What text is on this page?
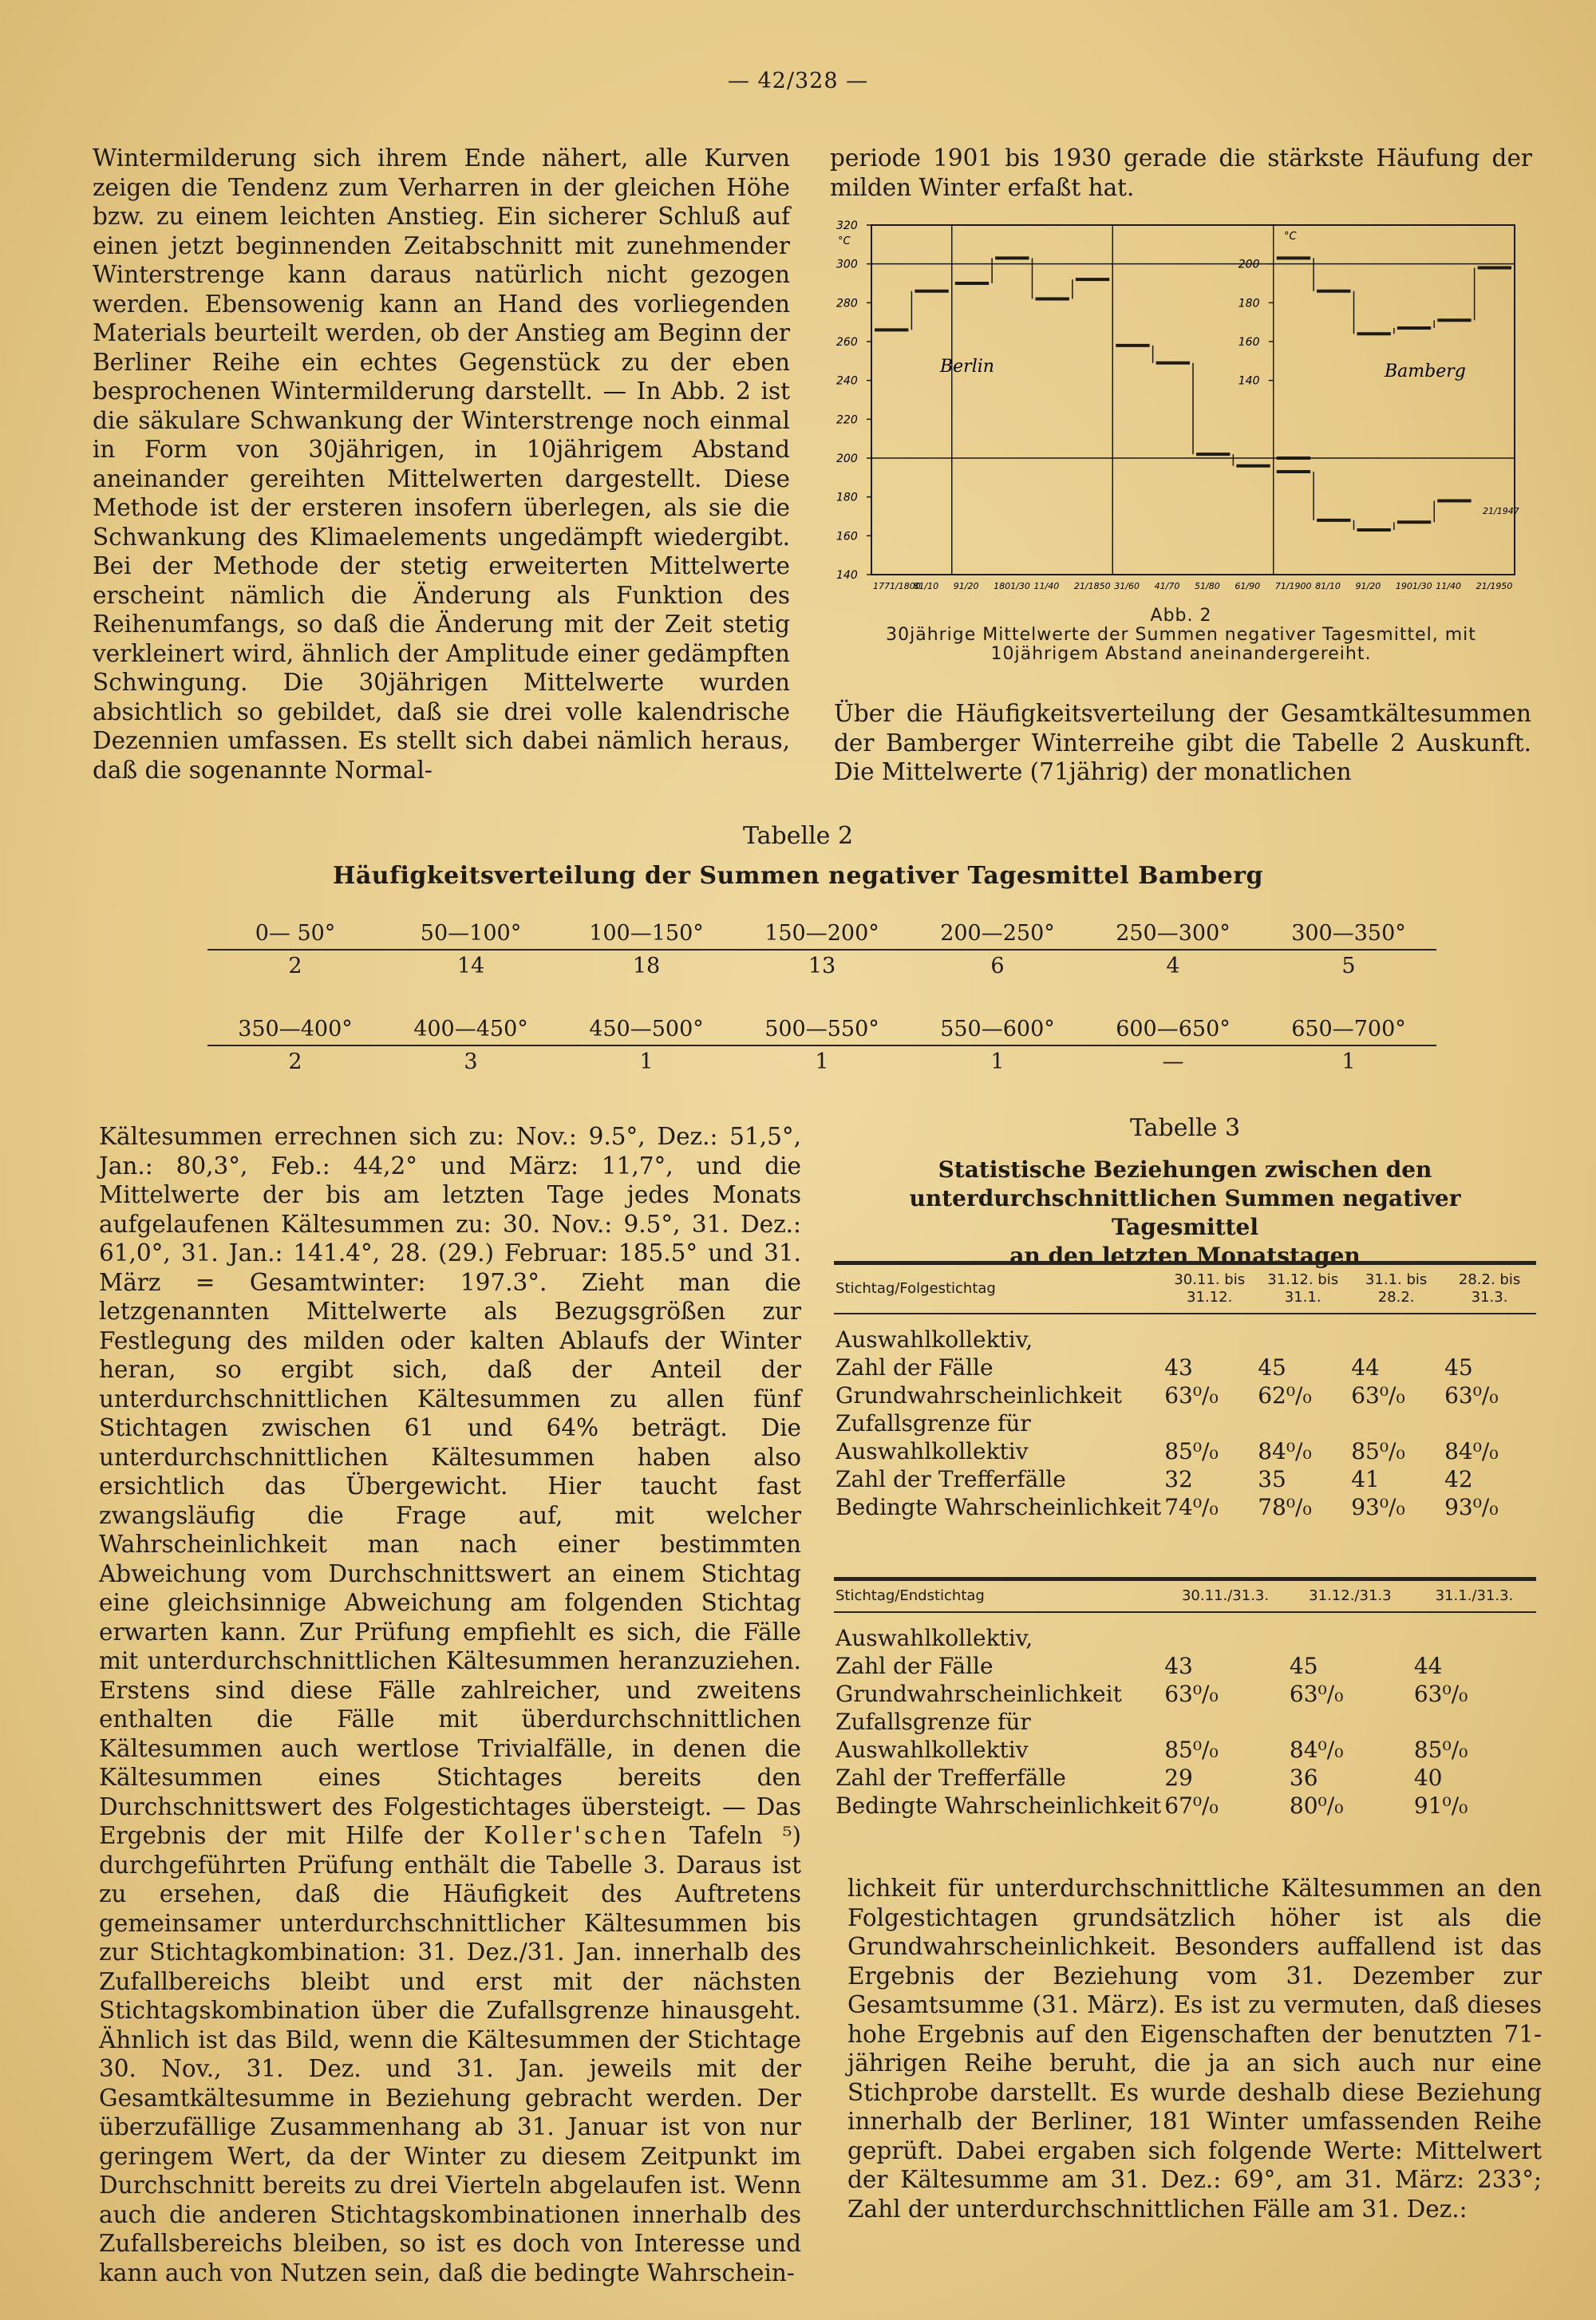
— 42/328 —

Wintermilderung sich ihrem Ende nähert, alle Kurven zeigen die Tendenz zum Verharren in der gleichen Höhe bzw. zu einem leichten Anstieg. Ein sicherer Schluß auf einen jetzt beginnenden Zeitabschnitt mit zunehmender Winterstrenge kann daraus natürlich nicht gezogen werden. Ebensowenig kann an Hand des vorliegenden Materials beurteilt werden, ob der Anstieg am Beginn der Berliner Reihe ein echtes Gegenstück zu der eben besprochenen Wintermilderung darstellt. — In Abb. 2 ist die säkulare Schwankung der Winterstrenge noch einmal in Form von 30jährigen, in 10jährigem Abstand aneinander gereihten Mittelwerten dargestellt. Diese Methode ist der ersteren insofern überlegen, als sie die Schwankung des Klimaelements ungedämpft wiedergibt. Bei der Methode der stetig erweiterten Mittelwerte erscheint nämlich die Änderung als Funktion des Reihenumfangs, so daß die Änderung mit der Zeit stetig verkleinert wird, ähnlich der Amplitude einer gedämpften Schwingung. Die 30jährigen Mittelwerte wurden absichtlich so gebildet, daß sie drei volle kalendrische Dezennien umfassen. Es stellt sich dabei nämlich heraus, daß die sogenannte Normal-

periode 1901 bis 1930 gerade die stärkste Häufung der milden Winter erfaßt hat.

320
300
280
260
240
220
200
180
160
140
200
180
160
140
1771/1800
81/10 91/20 1801/30 11/40 21/1850 31/60 41/70 51/80 61/90 71/1900 81/10 91/20 1901/30 11/40 21/1950
Berlin	Bamberg
°C	°C
21/1947
Abb. 2
30jährige Mittelwerte der Summen negativer Tagesmittel, mit
10jährigem Abstand aneinandergereiht.

Über die Häufigkeitsverteilung der Gesamtkältesummen der Bamberger Winterreihe gibt die Tabelle 2 Auskunft. Die Mittelwerte (71jährig) der monatlichen

Tabelle 2
Häufigkeitsverteilung der Summen negativer Tagesmittel Bamberg
0— 50°	50—100°	100—150°	150—200°	200—250°	250—300°	300—350°
2	14	18	13	6	4	5
350—400°	400—450°	450—500°	500—550°	550—600°	600—650°	650—700°
2	3	1	1	1	—	1

Kältesummen errechnen sich zu: Nov.: 9.5°, Dez.: 51,5°, Jan.: 80,3°, Feb.: 44,2° und März: 11,7°, und die Mittelwerte der bis am letzten Tage jedes Monats aufgelaufenen Kältesummen zu: 30. Nov.: 9.5°, 31. Dez.: 61,0°, 31. Jan.: 141.4°, 28. (29.) Februar: 185.5° und 31. März = Gesamtwinter: 197.3°. Zieht man die letzgenannten Mittelwerte als Bezugsgrößen zur Festlegung des milden oder kalten Ablaufs der Winter heran, so ergibt sich, daß der Anteil der unterdurchschnittlichen Kältesummen zu allen fünf Stichtagen zwischen 61 und 64% beträgt. Die unterdurchschnittlichen Kältesummen haben also ersichtlich das Übergewicht. Hier taucht fast zwangsläufig die Frage auf, mit welcher Wahrscheinlichkeit man nach einer bestimmten Abweichung vom Durchschnittswert an einem Stichtag eine gleichsinnige Abweichung am folgenden Stichtag erwarten kann. Zur Prüfung empfiehlt es sich, die Fälle mit unterdurchschnittlichen Kältesummen heranzuziehen. Erstens sind diese Fälle zahlreicher, und zweitens enthalten die Fälle mit überdurchschnittlichen Kältesummen auch wertlose Trivialfälle, in denen die Kältesummen eines Stichtages bereits den Durchschnittswert des Folgestichtages übersteigt. — Das Ergebnis der mit Hilfe der Koller'schen Tafeln ⁵) durchgeführten Prüfung enthält die Tabelle 3. Daraus ist zu ersehen, daß die Häufigkeit des Auftretens gemeinsamer unterdurchschnittlicher Kältesummen bis zur Stichtagkombination: 31. Dez./31. Jan. innerhalb des Zufallbereichs bleibt und erst mit der nächsten Stichtagskombination über die Zufallsgrenze hinausgeht. Ähnlich ist das Bild, wenn die Kältesummen der Stichtage 30. Nov., 31. Dez. und 31. Jan. jeweils mit der Gesamtkältesumme in Beziehung gebracht werden. Der überzufällige Zusammenhang ab 31. Januar ist von nur geringem Wert, da der Winter zu diesem Zeitpunkt im Durchschnitt bereits zu drei Vierteln abgelaufen ist. Wenn auch die anderen Stichtagskombinationen innerhalb des Zufallsbereichs bleiben, so ist es doch von Interesse und kann auch von Nutzen sein, daß die bedingte Wahrschein-

Tabelle 3
Statistische Beziehungen zwischen den
unterdurchschnittlichen Summen negativer Tagesmittel
an den letzten Monatstagen
Stichtag/Folgestichtag	30.11. bis 31.12.	31.12. bis 31.1.	31.1. bis 28.2.	28.2. bis 31.3.

Auswahlkollektiv,				
Zahl der Fälle	43	45	44	45
Grundwahrscheinlichkeit	63⁰/₀	62⁰/₀	63⁰/₀	63⁰/₀
Zufallsgrenze für				
Auswahlkollektiv	85⁰/₀	84⁰/₀	85⁰/₀	84⁰/₀
Zahl der Trefferfälle	32	35	41	42
Bedingte Wahrscheinlichkeit	74⁰/₀	78⁰/₀	93⁰/₀	93⁰/₀
Stichtag/Endstichtag	30.11./31.3.	31.12./31.3	31.1./31.3.

Auswahlkollektiv,			
Zahl der Fälle	43	45	44
Grundwahrscheinlichkeit	63⁰/₀	63⁰/₀	63⁰/₀
Zufallsgrenze für			
Auswahlkollektiv	85⁰/₀	84⁰/₀	85⁰/₀
Zahl der Trefferfälle	29	36	40
Bedingte Wahrscheinlichkeit	67⁰/₀	80⁰/₀	91⁰/₀

lichkeit für unterdurchschnittliche Kältesummen an den Folgestichtagen grundsätzlich höher ist als die Grundwahrscheinlichkeit. Besonders auffallend ist das Ergebnis der Beziehung vom 31. Dezember zur Gesamtsumme (31. März). Es ist zu vermuten, daß dieses hohe Ergebnis auf den Eigenschaften der benutzten 71-jährigen Reihe beruht, die ja an sich auch nur eine Stichprobe darstellt. Es wurde deshalb diese Beziehung innerhalb der Berliner, 181 Winter umfassenden Reihe geprüft. Dabei ergaben sich folgende Werte: Mittelwert der Kältesumme am 31. Dez.: 69°, am 31. März: 233°; Zahl der unterdurchschnittlichen Fälle am 31. Dez.:
